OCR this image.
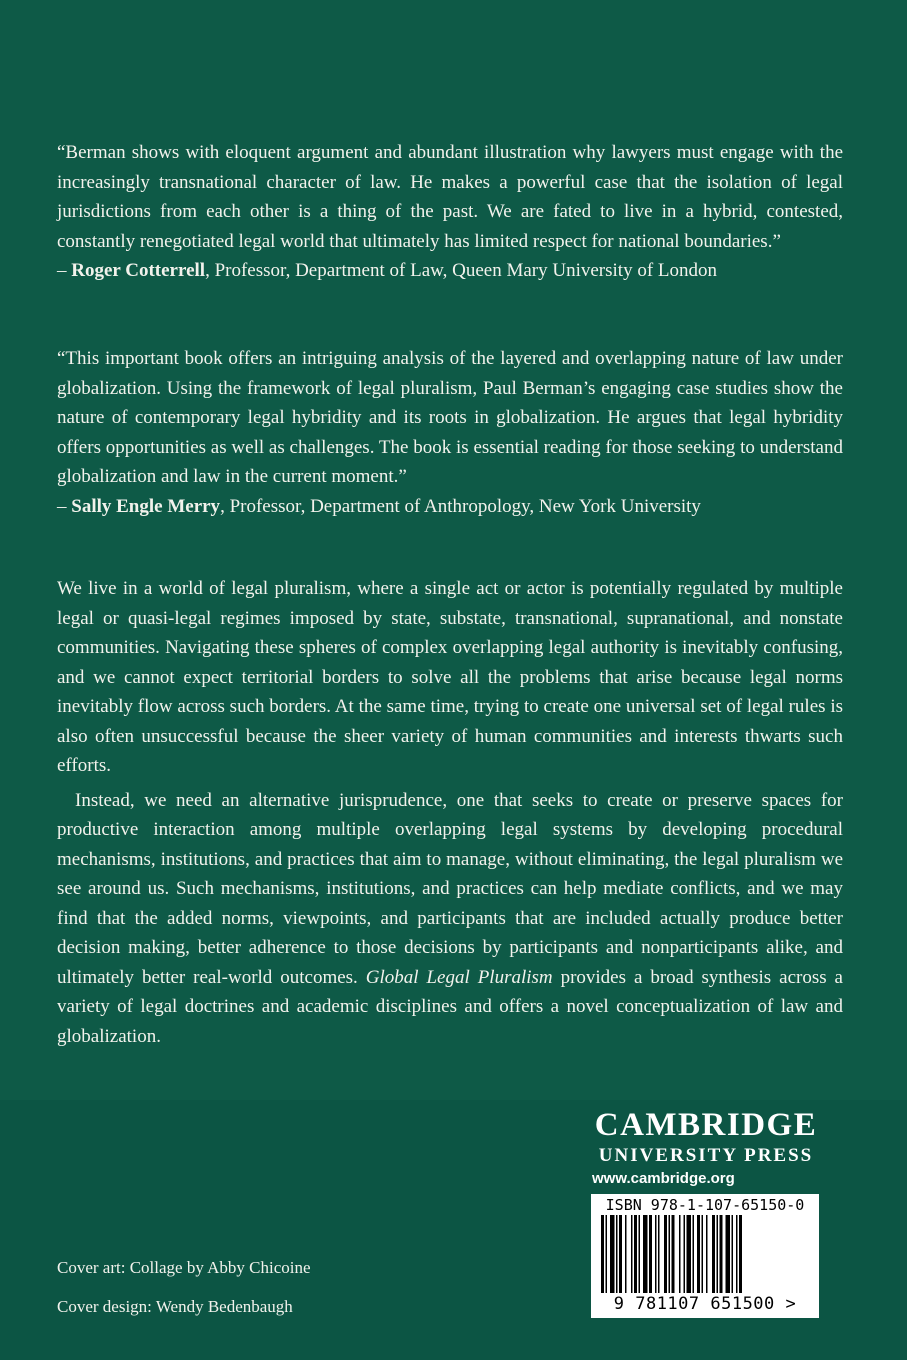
“Berman shows with eloquent argument and abundant illustration why lawyers must engage with the increasingly transnational character of law. He makes a powerful case that the isolation of legal jurisdictions from each other is a thing of the past. We are fated to live in a hybrid, contested, constantly renegotiated legal world that ultimately has limited respect for national boundaries.”

– Roger Cotterrell, Professor, Department of Law, Queen Mary University of London

“This important book offers an intriguing analysis of the layered and overlapping nature of law under globalization. Using the framework of legal pluralism, Paul Berman’s engaging case studies show the nature of contemporary legal hybridity and its roots in globalization. He argues that legal hybridity offers opportunities as well as challenges. The book is essential reading for those seeking to understand globalization and law in the current moment.”

– Sally Engle Merry, Professor, Department of Anthropology, New York University

We live in a world of legal pluralism, where a single act or actor is potentially regulated by multiple legal or quasi-legal regimes imposed by state, substate, transnational, supranational, and nonstate communities. Navigating these spheres of complex overlapping legal authority is inevitably confusing, and we cannot expect territorial borders to solve all the problems that arise because legal norms inevitably flow across such borders. At the same time, trying to create one universal set of legal rules is also often unsuccessful because the sheer variety of human communities and interests thwarts such efforts.

Instead, we need an alternative jurisprudence, one that seeks to create or preserve spaces for productive interaction among multiple overlapping legal systems by developing procedural mechanisms, institutions, and practices that aim to manage, without eliminating, the legal pluralism we see around us. Such mechanisms, institutions, and practices can help mediate conflicts, and we may find that the added norms, viewpoints, and participants that are included actually produce better decision making, better adherence to those decisions by participants and nonparticipants alike, and ultimately better real-world outcomes. Global Legal Pluralism provides a broad synthesis across a variety of legal doctrines and academic disciplines and offers a novel conceptualization of law and globalization.

Cover art: Collage by Abby Chicoine
Cover design: Wendy Bedenbaugh
CAMBRIDGE
UNIVERSITY PRESS
www.cambridge.org
ISBN 978-1-107-65150-0
9 781107 651500 >
